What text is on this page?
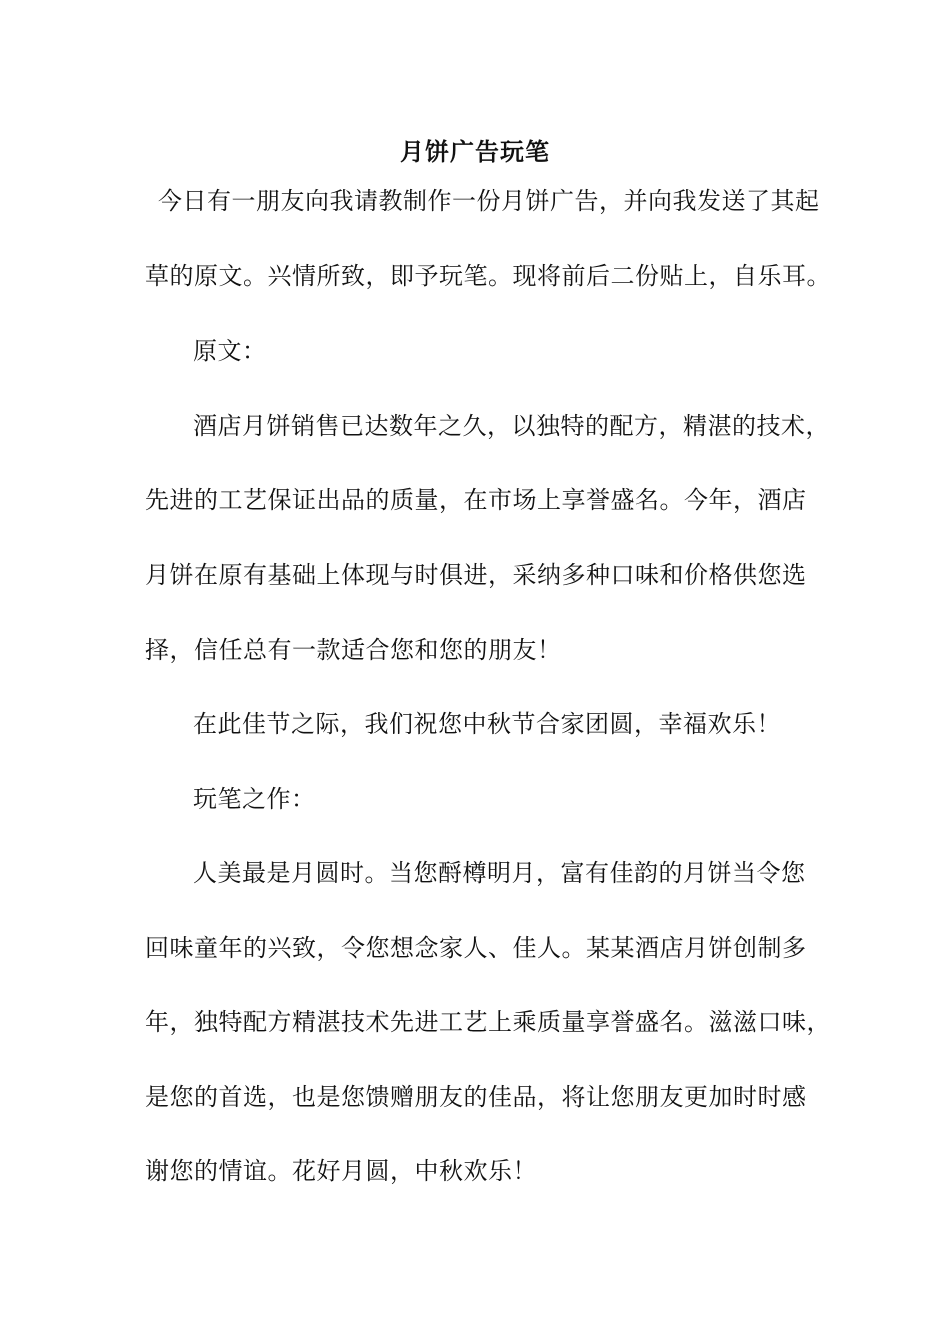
月饼广告玩笔
今日有一朋友向我请教制作一份月饼广告，并向我发送了其起
草的原文。兴情所致，即予玩笔。现将前后二份贴上，自乐耳。
原文：
酒店月饼销售已达数年之久，以独特的配方，精湛的技术，
先进的工艺保证出品的质量，在市场上享誉盛名。今年，酒店
月饼在原有基础上体现与时俱进，采纳多种口味和价格供您选
择，信任总有一款适合您和您的朋友！
在此佳节之际，我们祝您中秋节合家团圆，幸福欢乐！
玩笔之作：
人美最是月圆时。当您酹樽明月，富有佳韵的月饼当令您
回味童年的兴致，令您想念家人、佳人。某某酒店月饼创制多
年，独特配方精湛技术先进工艺上乘质量享誉盛名。滋滋口味，
是您的首选，也是您馈赠朋友的佳品，将让您朋友更加时时感
谢您的情谊。花好月圆，中秋欢乐！
